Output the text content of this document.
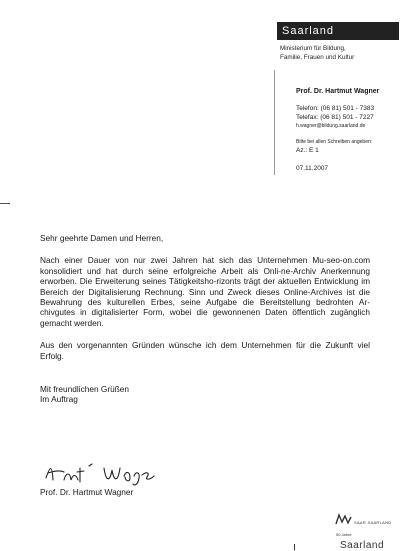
Saarland
Ministerium für Bildung,
Familie, Frauen und Kultur
Prof. Dr. Hartmut Wagner
Telefon: (06 81) 501 - 7383
Telefax: (06 81) 501 - 7227
h.wagner@bildung.saarland.de
Bitte bei allen Schreiben angeben:
Az.: E 1
07.11.2007

Sehr geehrte Damen und Herren,

Nach einer Dauer von nur zwei Jahren hat sich das Unternehmen Mu-seo-on.com konsolidiert und hat durch seine erfolgreiche Arbeit als Onli-ne-Archiv Anerkennung erworben. Die Erweiterung seines Tätigkeitsho-rizonts trägt der aktuellen Entwicklung im Bereich der Digitalisierung Rechnung. Sinn und Zweck dieses Online-Archives ist die Bewahrung des kulturellen Erbes, seine Aufgabe die Bereitstellung bedrohten Ar-chivgutes in digitalisierter Form, wobei die gewonnenen Daten öffentlich zugänglich gemacht werden.

Aus den vorgenannten Gründen wünsche ich dem Unternehmen für die Zukunft viel Erfolg.

Mit freundlichen Grüßen

Im Auftrag

Prof. Dr. Hartmut Wagner
SAAR SAARLAND
50 Jahre
Saarland
